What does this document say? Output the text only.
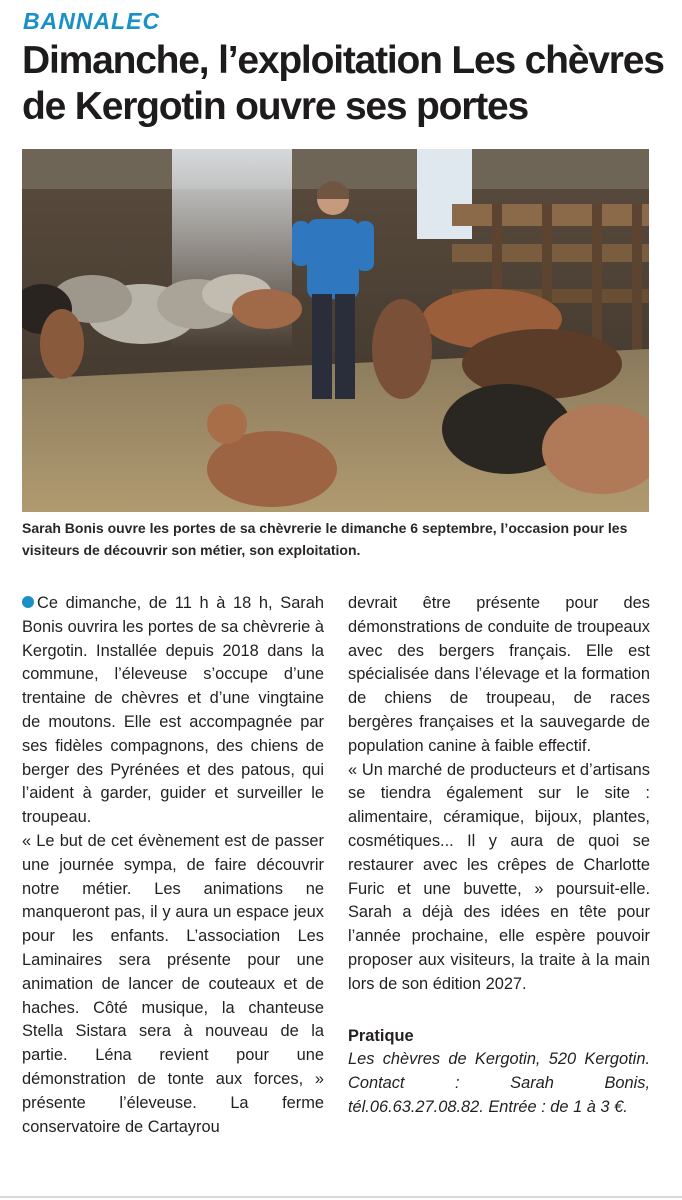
BANNALEC
Dimanche, l’exploitation Les chèvres de Kergotin ouvre ses portes
Sarah Bonis ouvre les portes de sa chèvrerie le dimanche 6 septembre, l’occasion pour les visiteurs de découvrir son métier, son exploitation.

Ce dimanche, de 11 h à 18 h, Sarah Bonis ouvrira les portes de sa chèvrerie à Kergotin. Installée depuis 2018 dans la commune, l’éleveuse s’occupe d’une trentaine de chèvres et d’une vingtaine de moutons. Elle est accompagnée par ses fidèles compagnons, des chiens de berger des Pyrénées et des patous, qui l’aident à garder, guider et surveiller le troupeau.

« Le but de cet évènement est de passer une journée sympa, de faire découvrir notre métier. Les animations ne manqueront pas, il y aura un espace jeux pour les enfants. L’association Les Laminaires sera présente pour une animation de lancer de couteaux et de haches. Côté musique, la chanteuse Stella Sistara sera à nouveau de la partie. Léna revient pour une démonstration de tonte aux forces, » présente l’éleveuse. La ferme conservatoire de Cartayrou

devrait être présente pour des démonstrations de conduite de troupeaux avec des bergers français. Elle est spécialisée dans l’élevage et la formation de chiens de troupeau, de races bergères françaises et la sauvegarde de population canine à faible effectif.

« Un marché de producteurs et d’artisans se tiendra également sur le site : alimentaire, céramique, bijoux, plantes, cosmétiques... Il y aura de quoi se restaurer avec les crêpes de Charlotte Furic et une buvette, » poursuit-elle. Sarah a déjà des idées en tête pour l’année prochaine, elle espère pouvoir proposer aux visiteurs, la traite à la main lors de son édition 2027.

Pratique

Les chèvres de Kergotin, 520 Kergotin. Contact : Sarah Bonis, tél.06.63.27.08.82. Entrée : de 1 à 3 €.
